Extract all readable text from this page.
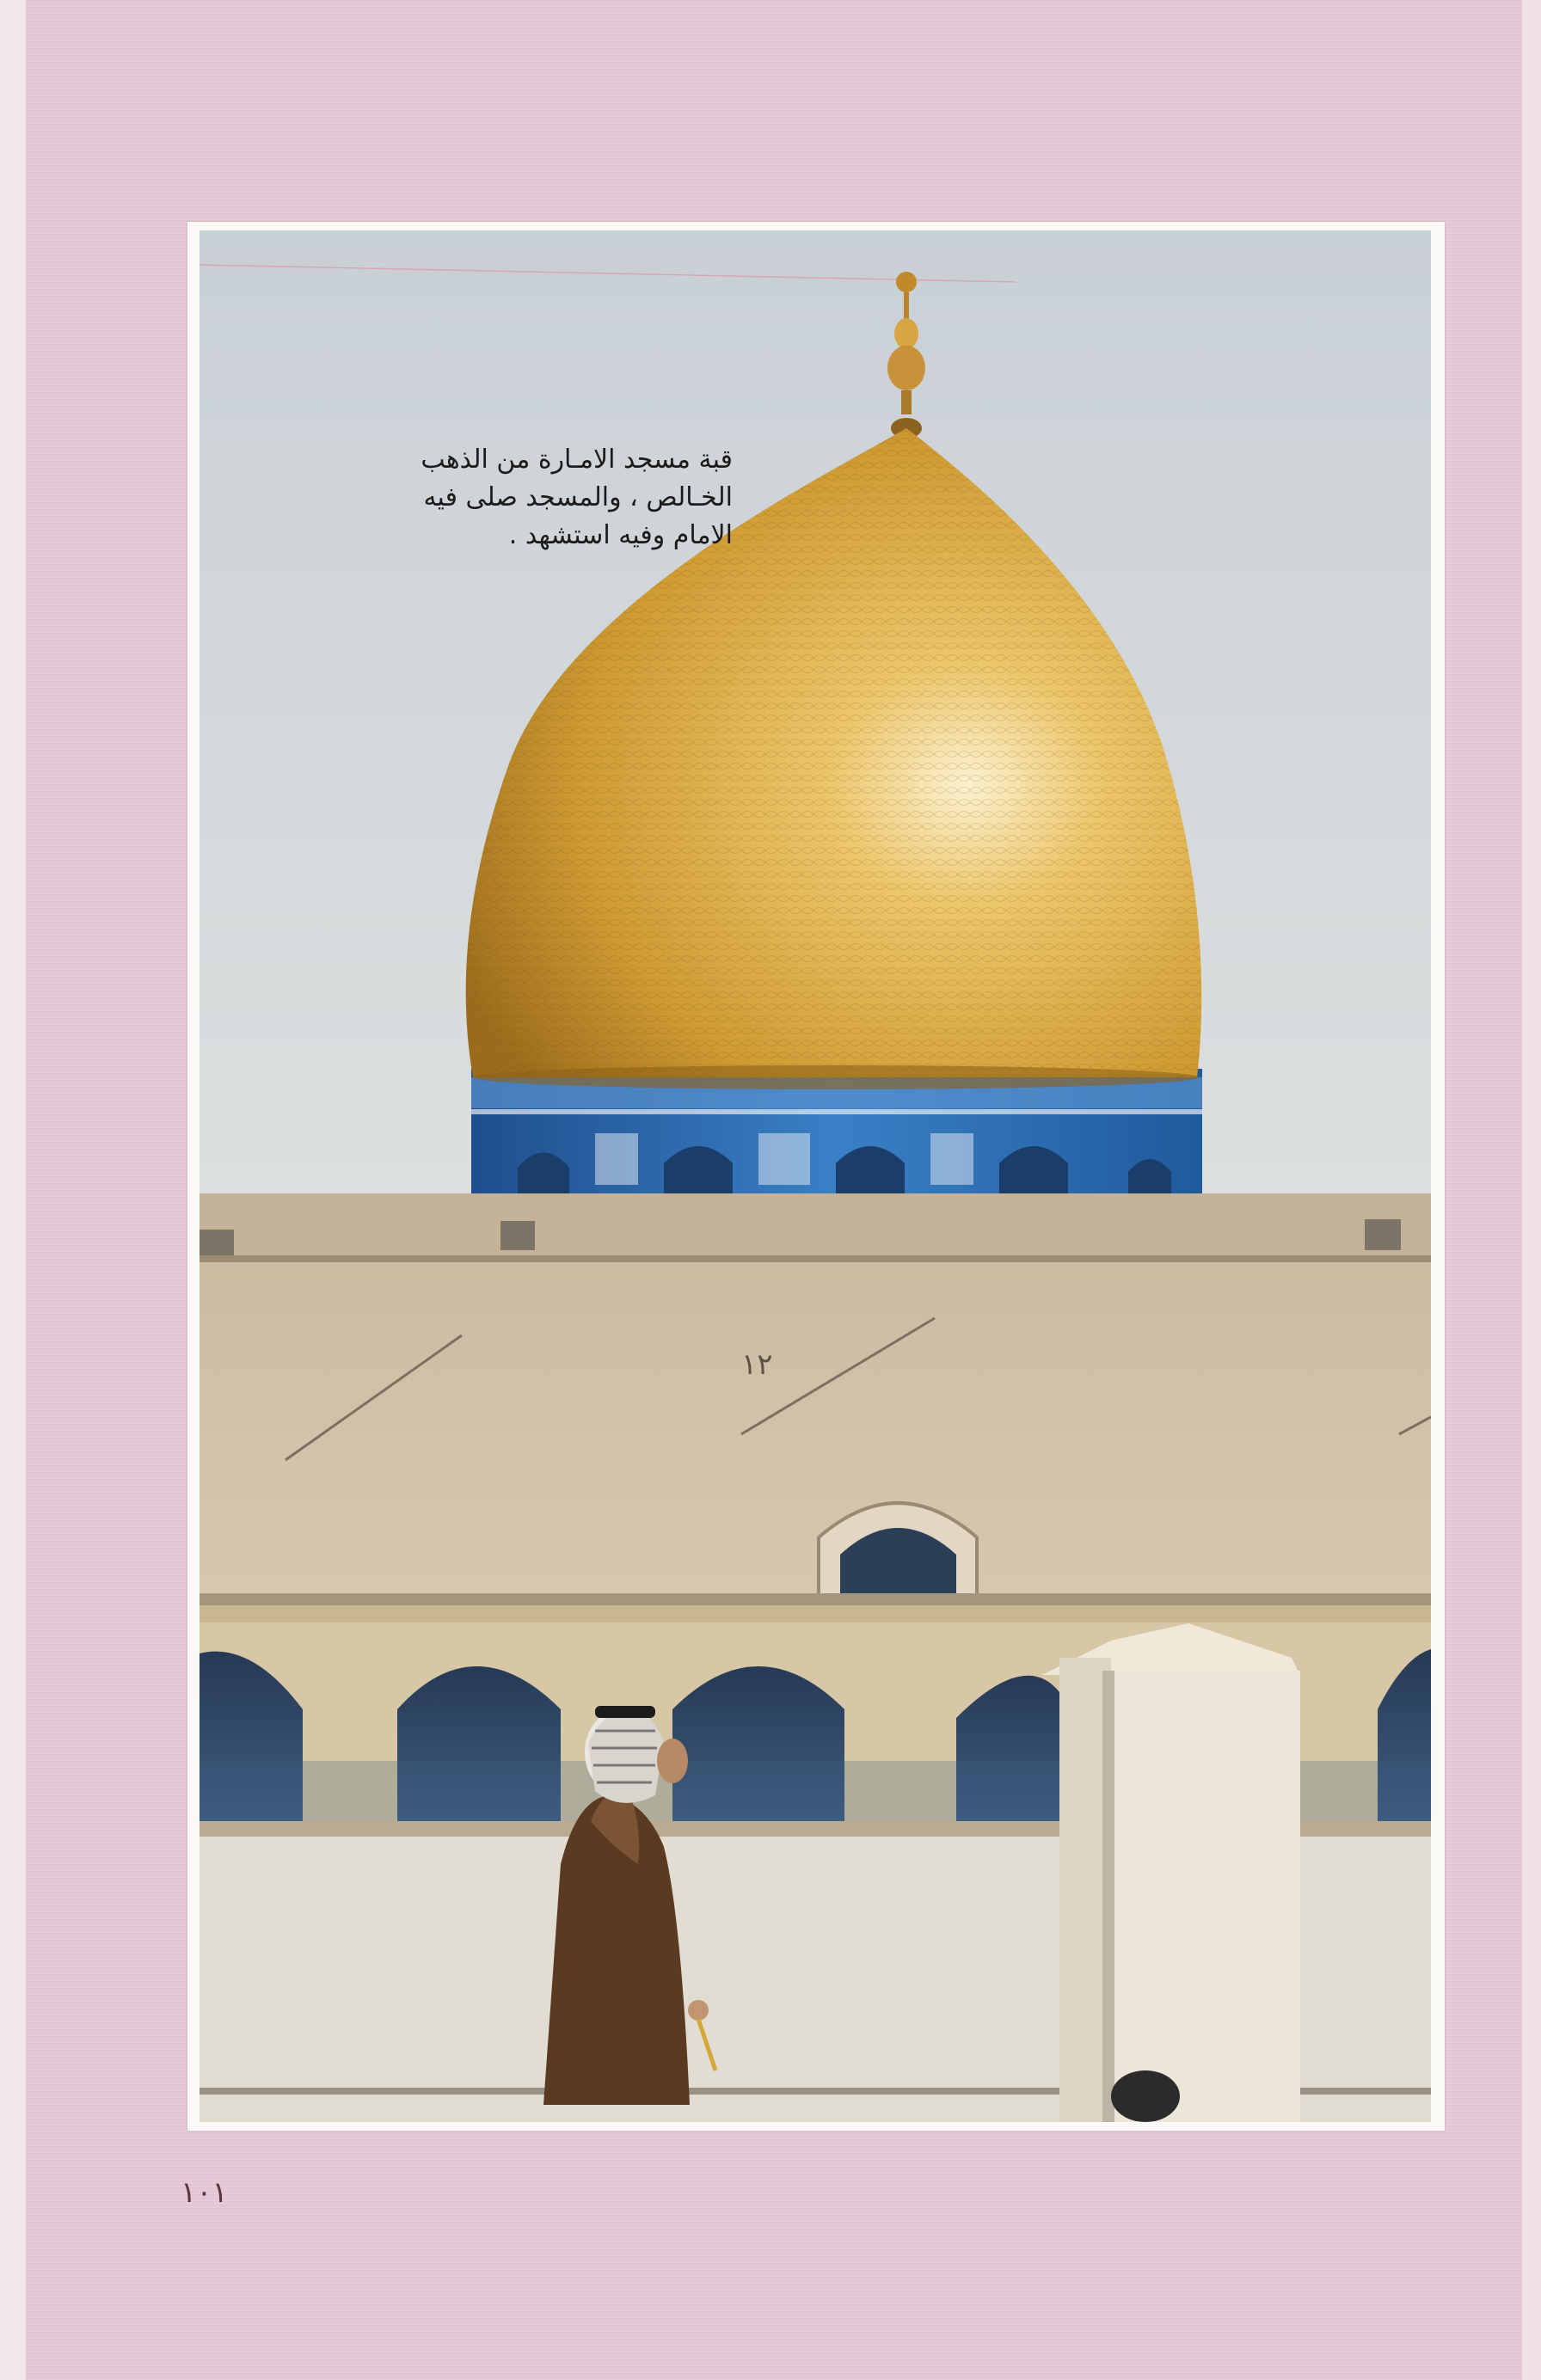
١٢
قبة مسجد الامـارة من الذهب
الخـالص ، والمسجد صلى فيه
الامام وفيه استشهد .
١٠١
